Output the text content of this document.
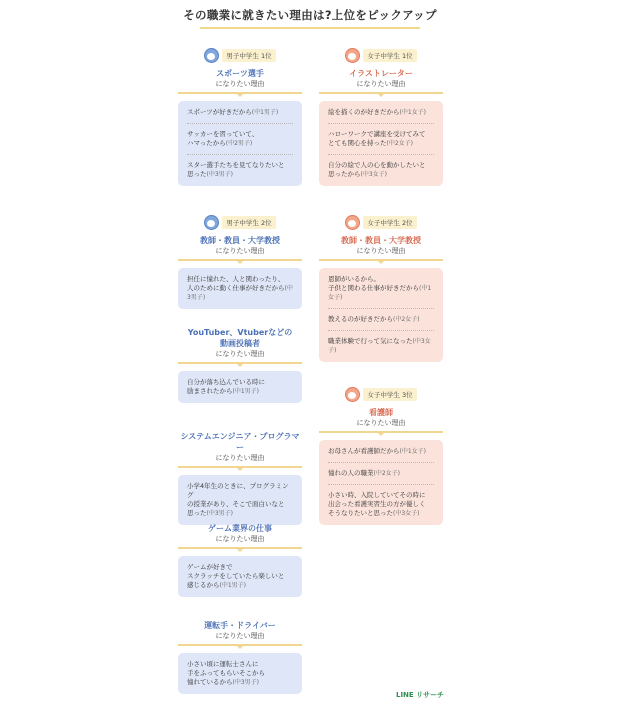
その職業に就きたい理由は?上位をピックアップ
男子中学生 1位
スポーツ選手
になりたい理由
スポーツが好きだから(中1男子)
サッカーを習っていて、
ハマったから(中2男子)
スター選手たちを見てなりたいと
思った(中3男子)
男子中学生 2位
教師・教員・大学教授
になりたい理由
担任に憧れた、人と関わったり、
人のために動く仕事が好きだから(中3男子)
YouTuber、Vtuberなどの
動画投稿者
になりたい理由
自分が落ち込んでいる時に
励まされたから(中1男子)
システムエンジニア・プログラマー
になりたい理由
小学4年生のときに、プログラミング
の授業があり、そこで面白いなと
思った(中3男子)
ゲーム業界の仕事
になりたい理由
ゲームが好きで
スクラッチをしていたら楽しいと
感じるから(中1男子)
運転手・ドライバー
になりたい理由
小さい頃に運転士さんに
手をふってもらいそこから
憧れているから(中3男子)
女子中学生 1位
イラストレーター
になりたい理由
絵を描くのが好きだから(中1女子)
ハローワークで講座を受けてみて
とても関心を持った(中2女子)
自分の絵で人の心を動かしたいと
思ったから(中3女子)
女子中学生 2位
教師・教員・大学教授
になりたい理由
恩師がいるから。
子供と関わる仕事が好きだから(中1女子)
教えるのが好きだから(中2女子)
職業体験で行って気になった(中3女子)
女子中学生 3位
看護師
になりたい理由
お母さんが看護師だから(中1女子)
憧れの人の職業(中2女子)
小さい時、入院していてその時に
出会った看護実習生の方が優しく
そうなりたいと思った(中3女子)
LINE リサーチ
